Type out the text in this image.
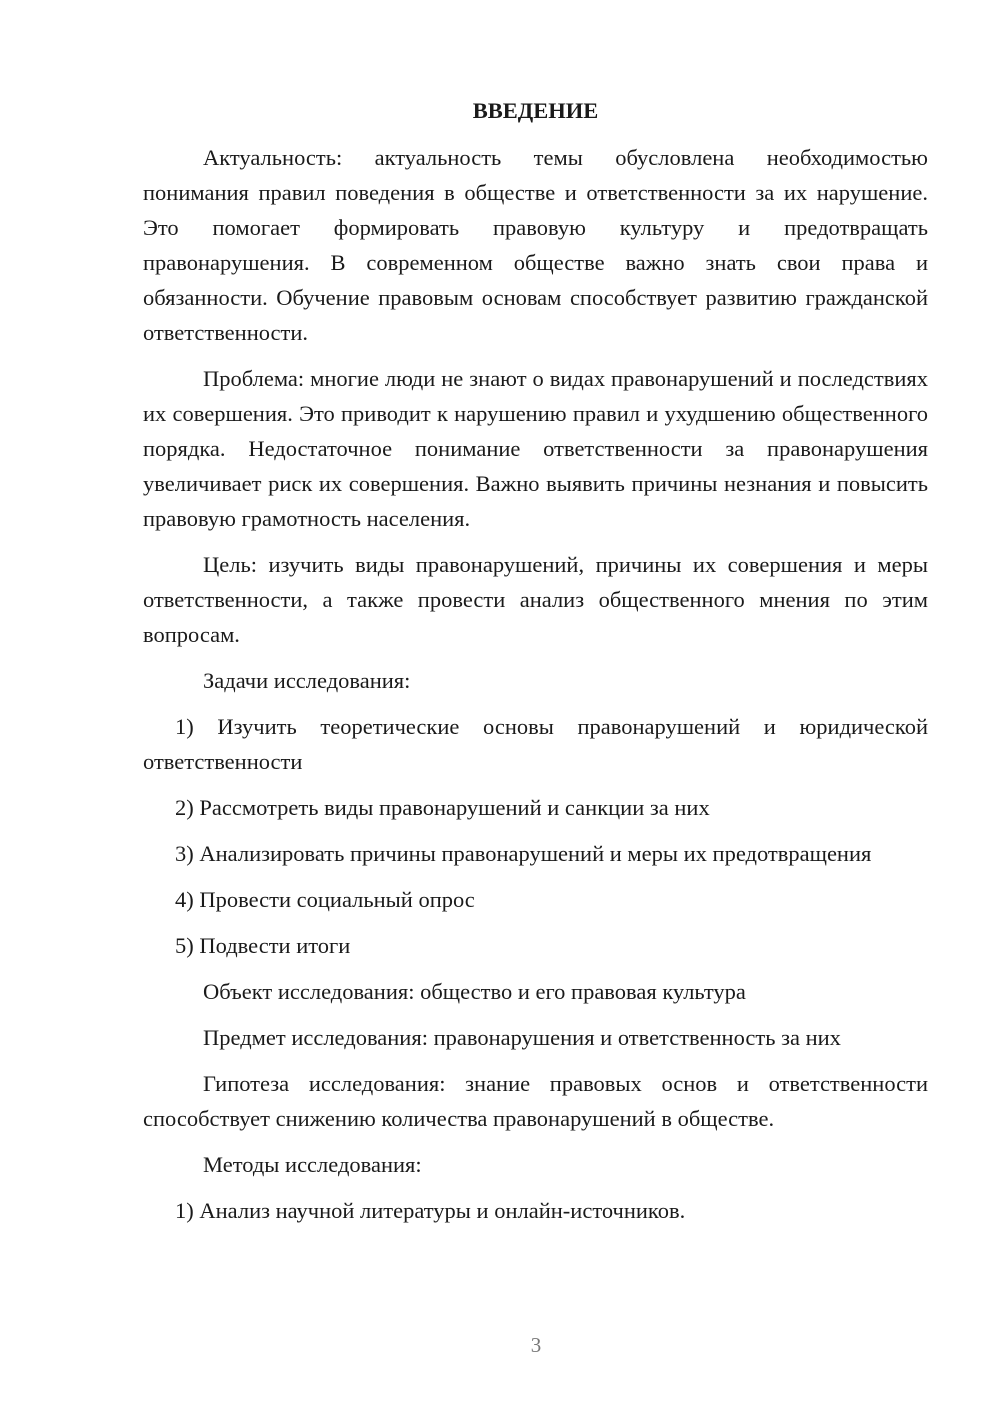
ВВЕДЕНИЕ

Актуальность: актуальность темы обусловлена необходимостью понимания правил поведения в обществе и ответственности за их нарушение. Это помогает формировать правовую культуру и предотвращать правонарушения. В современном обществе важно знать свои права и обязанности. Обучение правовым основам способствует развитию гражданской ответственности.

Проблема: многие люди не знают о видах правонарушений и последствиях их совершения. Это приводит к нарушению правил и ухудшению общественного порядка. Недостаточное понимание ответственности за правонарушения увеличивает риск их совершения. Важно выявить причины незнания и повысить правовую грамотность населения.

Цель: изучить виды правонарушений, причины их совершения и меры ответственности, а также провести анализ общественного мнения по этим вопросам.

Задачи исследования:

1) Изучить теоретические основы правонарушений и юридической ответственности

2) Рассмотреть виды правонарушений и санкции за них

3) Анализировать причины правонарушений и меры их предотвращения

4) Провести социальный опрос

5) Подвести итоги

Объект исследования: общество и его правовая культура

Предмет исследования: правонарушения и ответственность за них

Гипотеза исследования: знание правовых основ и ответственности способствует снижению количества правонарушений в обществе.

Методы исследования:

1) Анализ научной литературы и онлайн-источников.

3
